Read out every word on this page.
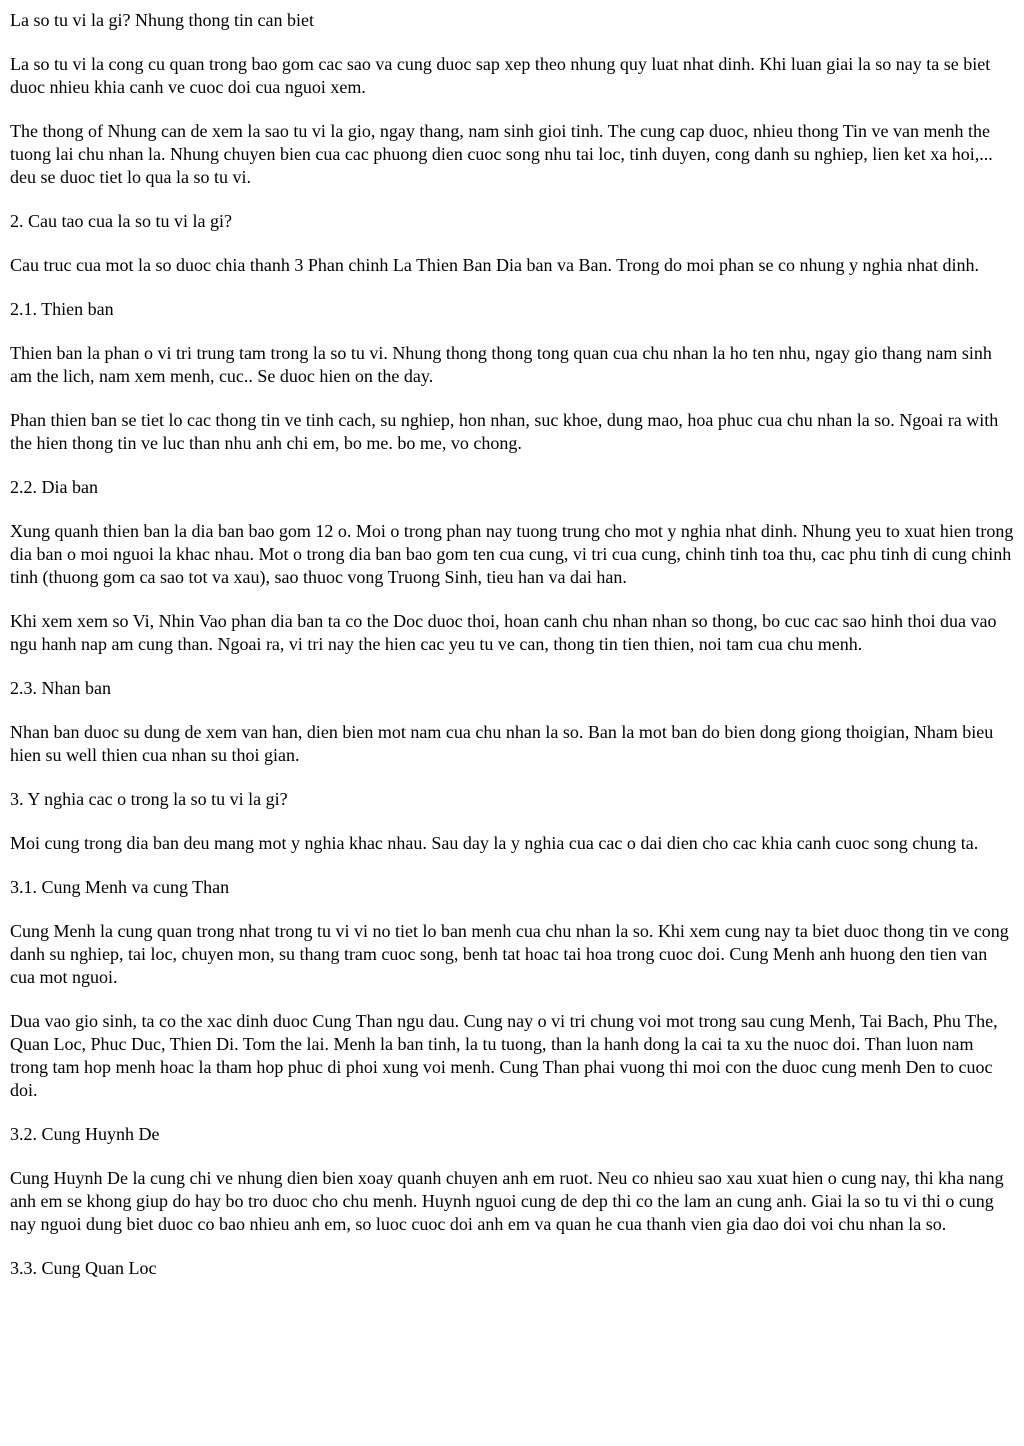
La so tu vi la gi? Nhung thong tin can biet

La so tu vi la cong cu quan trong bao gom cac sao va cung duoc sap xep theo nhung quy luat nhat dinh. Khi luan giai la so nay ta se biet duoc nhieu khia canh ve cuoc doi cua nguoi xem.

The thong of Nhung can de xem la sao tu vi la gio, ngay thang, nam sinh gioi tinh. The cung cap duoc, nhieu thong Tin ve van menh the tuong lai chu nhan la. Nhung chuyen bien cua cac phuong dien cuoc song nhu tai loc, tinh duyen, cong danh su nghiep, lien ket xa hoi,... deu se duoc tiet lo qua la so tu vi.

2. Cau tao cua la so tu vi la gi?

Cau truc cua mot la so duoc chia thanh 3 Phan chinh La Thien Ban Dia ban va Ban. Trong do moi phan se co nhung y nghia nhat dinh.

2.1. Thien ban

Thien ban la phan o vi tri trung tam trong la so tu vi. Nhung thong thong tong quan cua chu nhan la ho ten nhu, ngay gio thang nam sinh am the lich, nam xem menh, cuc.. Se duoc hien on the day.

Phan thien ban se tiet lo cac thong tin ve tinh cach, su nghiep, hon nhan, suc khoe, dung mao, hoa phuc cua chu nhan la so. Ngoai ra with the hien thong tin ve luc than nhu anh chi em, bo me. bo me, vo chong.

2.2. Dia ban

Xung quanh thien ban la dia ban bao gom 12 o. Moi o trong phan nay tuong trung cho mot y nghia nhat dinh. Nhung yeu to xuat hien trong dia ban o moi nguoi la khac nhau. Mot o trong dia ban bao gom ten cua cung, vi tri cua cung, chinh tinh toa thu, cac phu tinh di cung chinh tinh (thuong gom ca sao tot va xau), sao thuoc vong Truong Sinh, tieu han va dai han.

Khi xem xem so Vi, Nhin Vao phan dia ban ta co the Doc duoc thoi, hoan canh chu nhan nhan so thong, bo cuc cac sao hinh thoi dua vao ngu hanh nap am cung than. Ngoai ra, vi tri nay the hien cac yeu tu ve can, thong tin tien thien, noi tam cua chu menh.

2.3. Nhan ban

Nhan ban duoc su dung de xem van han, dien bien mot nam cua chu nhan la so. Ban la mot ban do bien dong giong thoigian, Nham bieu hien su well thien cua nhan su thoi gian.

3. Y nghia cac o trong la so tu vi la gi?

Moi cung trong dia ban deu mang mot y nghia khac nhau. Sau day la y nghia cua cac o dai dien cho cac khia canh cuoc song chung ta.

3.1. Cung Menh va cung Than

Cung Menh la cung quan trong nhat trong tu vi vi no tiet lo ban menh cua chu nhan la so. Khi xem cung nay ta biet duoc thong tin ve cong danh su nghiep, tai loc, chuyen mon, su thang tram cuoc song, benh tat hoac tai hoa trong cuoc doi. Cung Menh anh huong den tien van cua mot nguoi.

Dua vao gio sinh, ta co the xac dinh duoc Cung Than ngu dau. Cung nay o vi tri chung voi mot trong sau cung Menh, Tai Bach, Phu The, Quan Loc, Phuc Duc, Thien Di. Tom the lai. Menh la ban tinh, la tu tuong, than la hanh dong la cai ta xu the nuoc doi. Than luon nam trong tam hop menh hoac la tham hop phuc di phoi xung voi menh. Cung Than phai vuong thi moi con the duoc cung menh Den to cuoc doi.

3.2. Cung Huynh De

Cung Huynh De la cung chi ve nhung dien bien xoay quanh chuyen anh em ruot. Neu co nhieu sao xau xuat hien o cung nay, thi kha nang anh em se khong giup do hay bo tro duoc cho chu menh. Huynh nguoi cung de dep thi co the lam an cung anh. Giai la so tu vi thi o cung nay nguoi dung biet duoc co bao nhieu anh em, so luoc cuoc doi anh em va quan he cua thanh vien gia dao doi voi chu nhan la so.

3.3. Cung Quan Loc
